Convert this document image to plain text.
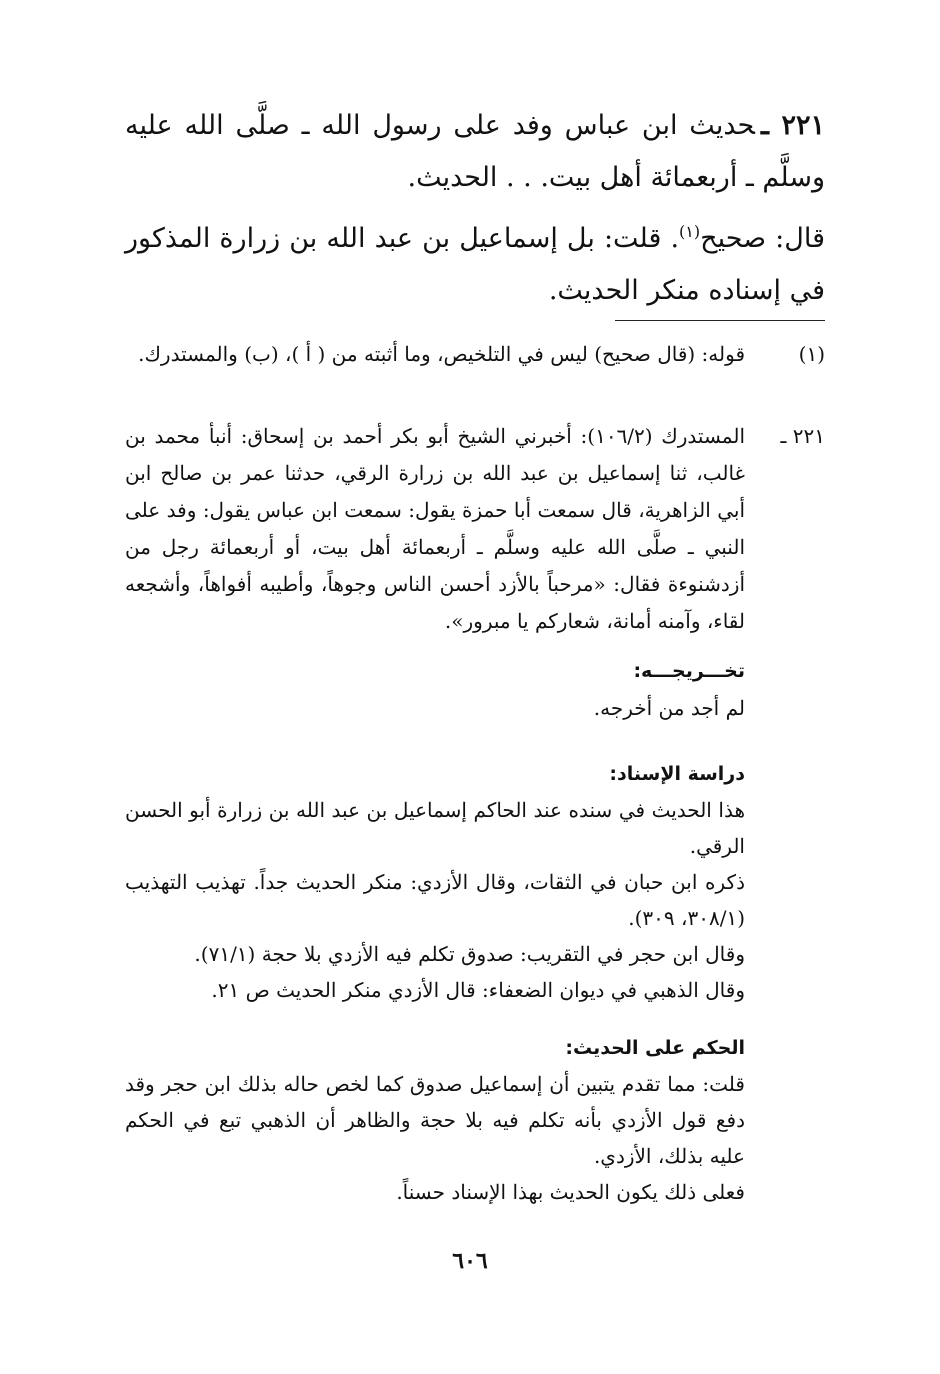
٢٢١ ـحديث ابن عباس وفد على رسول الله ـ صلَّى الله عليه وسلَّم ـ أربعمائة أهل بيت. . . الحديث.
قال: صحيح$^{(١)}$. قلت: بل إسماعيل بن عبد الله بن زرارة المذكور في إسناده منكر الحديث.
(١)
قوله: (قال صحيح) ليس في التلخيص، وما أثبته من ( أ )، (ب) والمستدرك.
٢٢١ ـ
المستدرك (١٠٦/٢): أخبرني الشيخ أبو بكر أحمد بن إسحاق: أنبأ محمد بن غالب، ثنا إسماعيل بن عبد الله بن زرارة الرقي، حدثنا عمر بن صالح ابن أبي الزاهرية، قال سمعت أبا حمزة يقول: سمعت ابن عباس يقول: وفد على النبي ـ صلَّى الله عليه وسلَّم ـ أربعمائة أهل بيت، أو أربعمائة رجل من أزدشنوءة فقال: «مرحباً بالأزد أحسن الناس وجوهاً، وأطيبه أفواهاً، وأشجعه لقاء، وآمنه أمانة، شعاركم يا مبرور».
تخـــريجـــه:

لم أجد من أخرجه.

دراسة الإسناد:

هذا الحديث في سنده عند الحاكم إسماعيل بن عبد الله بن زرارة أبو الحسن الرقي.

ذكره ابن حبان في الثقات، وقال الأزدي: منكر الحديث جداً. تهذيب التهذيب (٣٠٨/١، ٣٠٩).

وقال ابن حجر في التقريب: صدوق تكلم فيه الأزدي بلا حجة (٧١/١).

وقال الذهبي في ديوان الضعفاء: قال الأزدي منكر الحديث ص ٢١.

الحكم على الحديث:

قلت: مما تقدم يتبين أن إسماعيل صدوق كما لخص حاله بذلك ابن حجر وقد دفع قول الأزدي بأنه تكلم فيه بلا حجة والظاهر أن الذهبي تبع في الحكم عليه بذلك، الأزدي.

فعلى ذلك يكون الحديث بهذا الإسناد حسناً.

٦٠٦
